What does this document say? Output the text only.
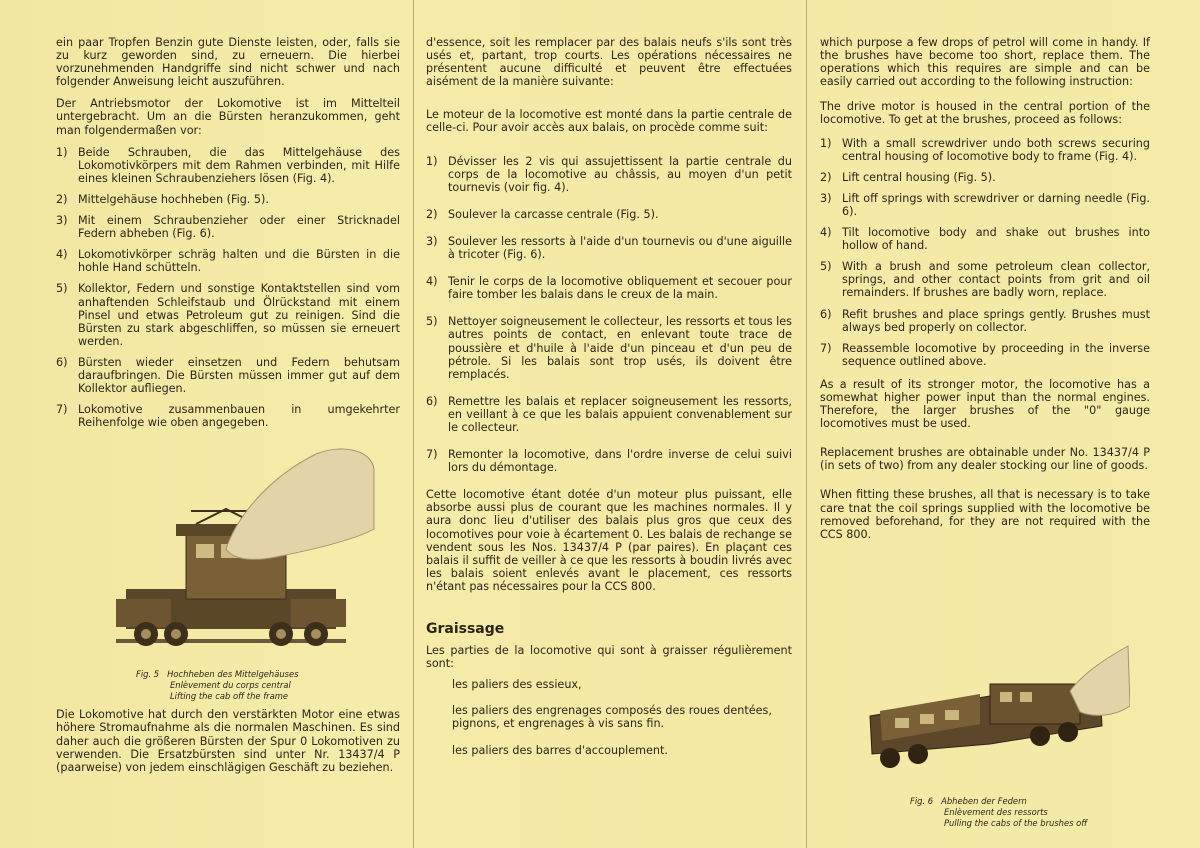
ein paar Tropfen Benzin gute Dienste leisten, oder, falls sie zu kurz geworden sind, zu erneuern. Die hierbei vorzunehmenden Handgriffe sind nicht schwer und nach folgender Anweisung leicht auszuführen.

Der Antriebsmotor der Lokomotive ist im Mittelteil untergebracht. Um an die Bürsten heranzukommen, geht man folgendermaßen vor:

1) Beide Schrauben, die das Mittelgehäuse des Lokomotivkörpers mit dem Rahmen verbinden, mit Hilfe eines kleinen Schraubenziehers lösen (Fig. 4).
2) Mittelgehäuse hochheben (Fig. 5).
3) Mit einem Schraubenzieher oder einer Stricknadel Federn abheben (Fig. 6).
4) Lokomotivkörper schräg halten und die Bürsten in die hohle Hand schütteln.
5) Kollektor, Federn und sonstige Kontaktstellen sind vom anhaftenden Schleifstaub und Ölrückstand mit einem Pinsel und etwas Petroleum gut zu reinigen. Sind die Bürsten zu stark abgeschliffen, so müssen sie erneuert werden.
6) Bürsten wieder einsetzen und Federn behutsam daraufbringen. Die Bürsten müssen immer gut auf dem Kollektor aufliegen.
7) Lokomotive zusammenbauen in umgekehrter Reihenfolge wie oben angegeben.
Fig. 5 Hochheben des Mittelgehäuses
Enlèvement du corps central
Lifting the cab off the frame

Die Lokomotive hat durch den verstärkten Motor eine etwas höhere Stromaufnahme als die normalen Maschinen. Es sind daher auch die größeren Bürsten der Spur 0 Lokomotiven zu verwenden. Die Ersatzbürsten sind unter Nr. 13437/4 P (paarweise) von jedem einschlägigen Geschäft zu beziehen.

d'essence, soit les remplacer par des balais neufs s'ils sont très usés et, partant, trop courts. Les opérations nécessaires ne présentent aucune difficulté et peuvent être effectuées aisément de la manière suivante:

Le moteur de la locomotive est monté dans la partie centrale de celle-ci. Pour avoir accès aux balais, on procède comme suit:

1) Dévisser les 2 vis qui assujettissent la partie centrale du corps de la locomotive au châssis, au moyen d'un petit tournevis (voir fig. 4).
2) Soulever la carcasse centrale (Fig. 5).
3) Soulever les ressorts à l'aide d'un tournevis ou d'une aiguille à tricoter (Fig. 6).
4) Tenir le corps de la locomotive obliquement et secouer pour faire tomber les balais dans le creux de la main.
5) Nettoyer soigneusement le collecteur, les ressorts et tous les autres points de contact, en enlevant toute trace de poussière et d'huile à l'aide d'un pinceau et d'un peu de pétrole. Si les balais sont trop usés, ils doivent être remplacés.
6) Remettre les balais et replacer soigneusement les ressorts, en veillant à ce que les balais appuient convenablement sur le collecteur.
7) Remonter la locomotive, dans l'ordre inverse de celui suivi lors du démontage.

Cette locomotive étant dotée d'un moteur plus puissant, elle absorbe aussi plus de courant que les machines normales. Il y aura donc lieu d'utiliser des balais plus gros que ceux des locomotives pour voie à écartement 0. Les balais de rechange se vendent sous les Nos. 13437/4 P (par paires). En plaçant ces balais il suffit de veiller à ce que les ressorts à boudin livrés avec les balais soient enlevés avant le placement, ces ressorts n'étant pas nécessaires pour la CCS 800.

Graissage

Les parties de la locomotive qui sont à graisser régulièrement sont:

les paliers des essieux,
les paliers des engrenages composés des roues dentées, pignons, et engrenages à vis sans fin.
les paliers des barres d'accouplement.

which purpose a few drops of petrol will come in handy. If the brushes have become too short, replace them. The operations which this requires are simple and can be easily carried out according to the following instruction:

The drive motor is housed in the central portion of the locomotive. To get at the brushes, proceed as follows:

1) With a small screwdriver undo both screws securing central housing of locomotive body to frame (Fig. 4).
2) Lift central housing (Fig. 5).
3) Lift off springs with screwdriver or darning needle (Fig. 6).
4) Tilt locomotive body and shake out brushes into hollow of hand.
5) With a brush and some petroleum clean collector, springs, and other contact points from grit and oil remainders. If brushes are badly worn, replace.
6) Refit brushes and place springs gently. Brushes must always bed properly on collector.
7) Reassemble locomotive by proceeding in the inverse sequence outlined above.

As a result of its stronger motor, the locomotive has a somewhat higher power input than the normal engines. Therefore, the larger brushes of the "0" gauge locomotives must be used.

Replacement brushes are obtainable under No. 13437/4 P (in sets of two) from any dealer stocking our line of goods.

When fitting these brushes, all that is necessary is to take care tnat the coil springs supplied with the locomotive be removed beforehand, for they are not required with the CCS 800.

Fig. 6 Abheben der Federn
Enlèvement des ressorts
Pulling the cabs of the brushes off
